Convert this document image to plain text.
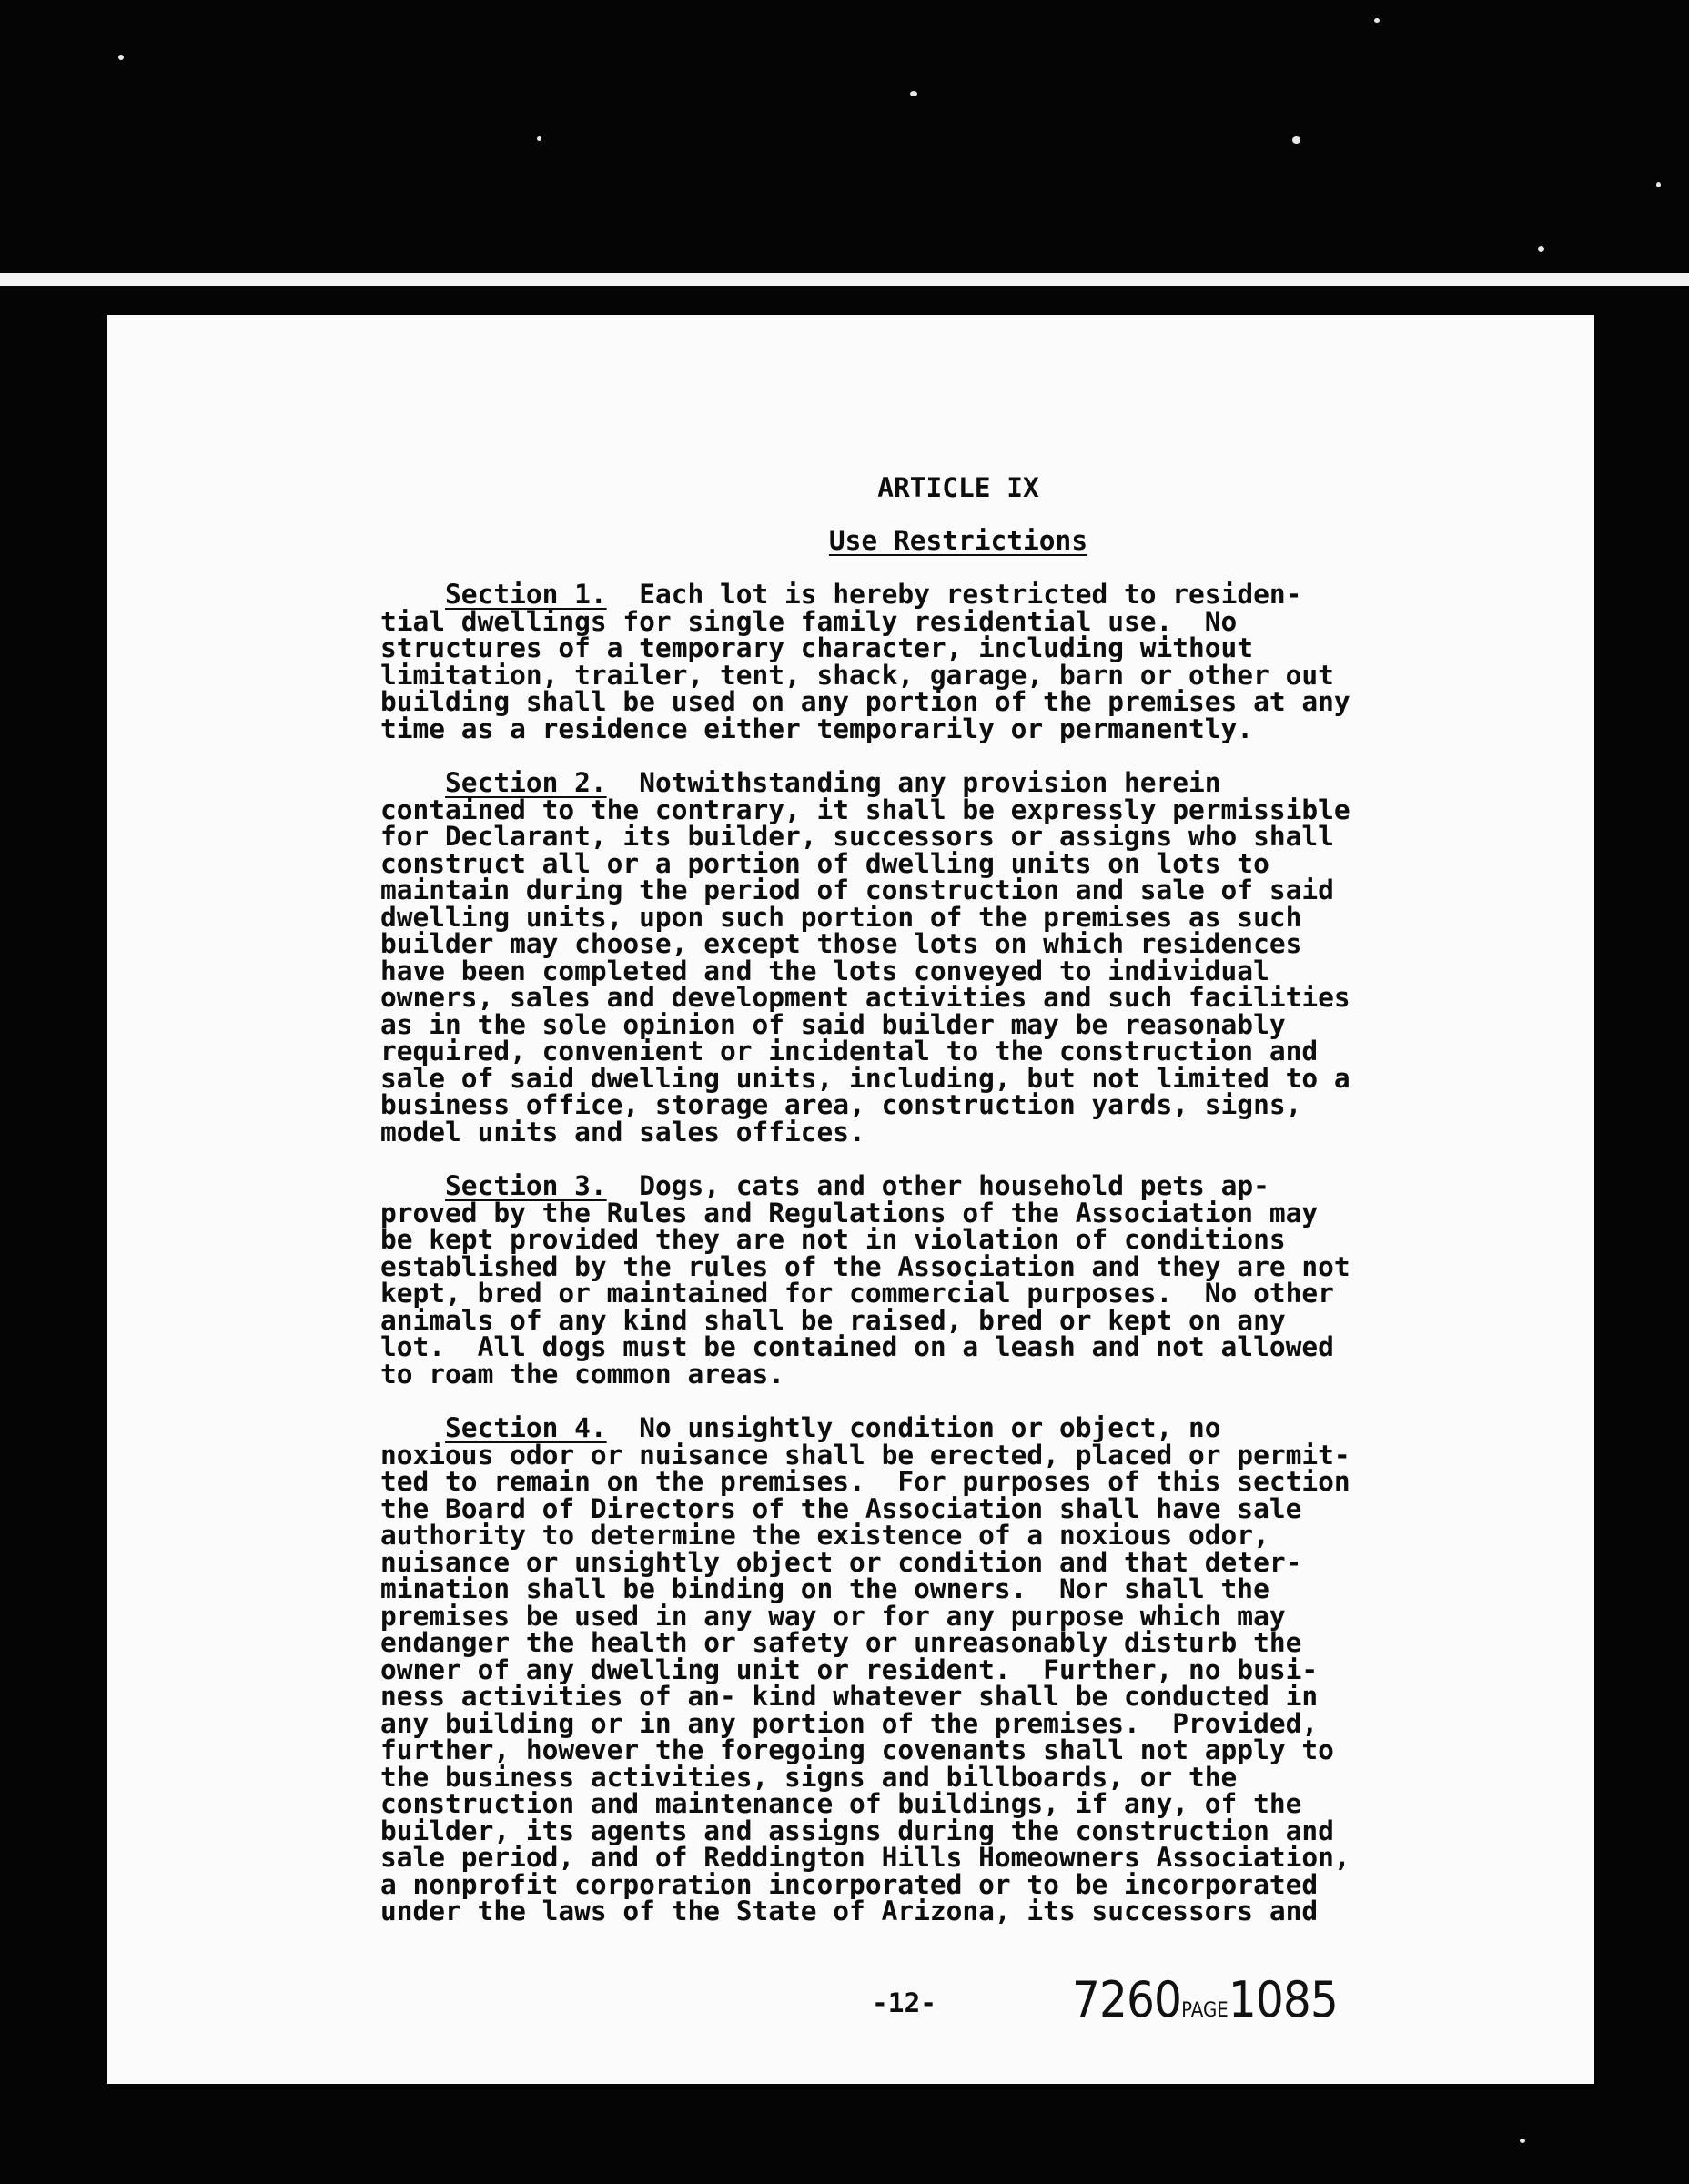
ARTICLE IX
Use Restrictions
Section 1. Each lot is hereby restricted to residen-
tial dwellings for single family residential use.  No
structures of a temporary character, including without
limitation, trailer, tent, shack, garage, barn or other out
building shall be used on any portion of the premises at any
time as a residence either temporarily or permanently.
Section 2. Notwithstanding any provision herein
contained to the contrary, it shall be expressly permissible
for Declarant, its builder, successors or assigns who shall
construct all or a portion of dwelling units on lots to
maintain during the period of construction and sale of said
dwelling units, upon such portion of the premises as such
builder may choose, except those lots on which residences
have been completed and the lots conveyed to individual
owners, sales and development activities and such facilities
as in the sole opinion of said builder may be reasonably
required, convenient or incidental to the construction and
sale of said dwelling units, including, but not limited to a
business office, storage area, construction yards, signs,
model units and sales offices.
Section 3. Dogs, cats and other household pets ap-
proved by the Rules and Regulations of the Association may
be kept provided they are not in violation of conditions
established by the rules of the Association and they are not
kept, bred or maintained for commercial purposes.  No other
animals of any kind shall be raised, bred or kept on any
lot.  All dogs must be contained on a leash and not allowed
to roam the common areas.
Section 4. No unsightly condition or object, no
noxious odor or nuisance shall be erected, placed or permit-
ted to remain on the premises.  For purposes of this section
the Board of Directors of the Association shall have sale
authority to determine the existence of a noxious odor,
nuisance or unsightly object or condition and that deter-
mination shall be binding on the owners.  Nor shall the
premises be used in any way or for any purpose which may
endanger the health or safety or unreasonably disturb the
owner of any dwelling unit or resident.  Further, no busi-
ness activities of an- kind whatever shall be conducted in
any building or in any portion of the premises.  Provided,
further, however the foregoing covenants shall not apply to
the business activities, signs and billboards, or the
construction and maintenance of buildings, if any, of the
builder, its agents and assigns during the construction and
sale period, and of Reddington Hills Homeowners Association,
a nonprofit corporation incorporated or to be incorporated
under the laws of the State of Arizona, its successors and
-12-	7260PAGE1085
